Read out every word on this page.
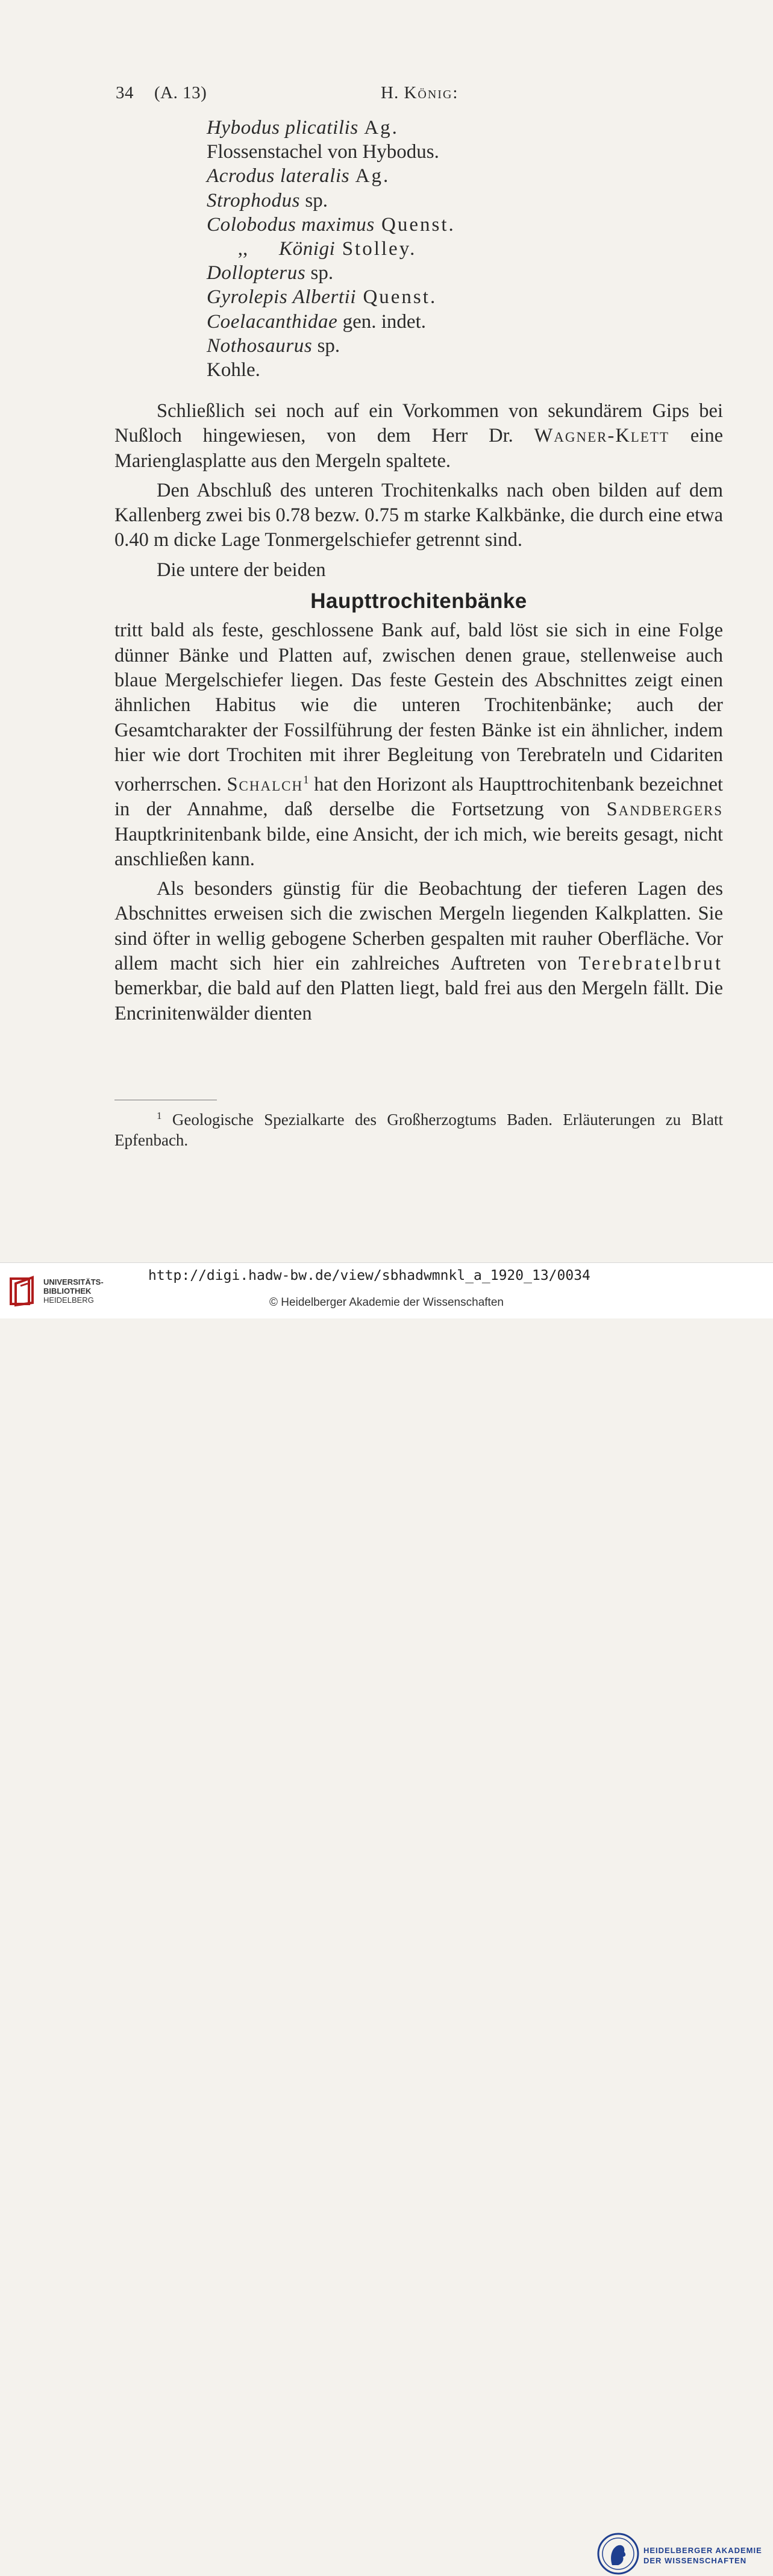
34 (A. 13)	H. König:
Hybodus plicatilis Ag.
Flossenstachel von Hybodus.
Acrodus lateralis Ag.
Strophodus sp.
Colobodus maximus Quenst.
,, Königi Stolley.
Dollopterus sp.
Gyrolepis Albertii Quenst.
Coelacanthidae gen. indet.
Nothosaurus sp.
Kohle.

Schließlich sei noch auf ein Vorkommen von sekundärem Gips bei Nußloch hingewiesen, von dem Herr Dr. Wagner-Klett eine Marienglasplatte aus den Mergeln spaltete.

Den Abschluß des unteren Trochitenkalks nach oben bilden auf dem Kallenberg zwei bis 0.78 bezw. 0.75 m starke Kalkbänke, die durch eine etwa 0.40 m dicke Lage Tonmergelschiefer getrennt sind.

Die untere der beiden

Haupttrochitenbänke

tritt bald als feste, geschlossene Bank auf, bald löst sie sich in eine Folge dünner Bänke und Platten auf, zwischen denen graue, stellenweise auch blaue Mergelschiefer liegen. Das feste Gestein des Abschnittes zeigt einen ähnlichen Habitus wie die unteren Trochitenbänke; auch der Gesamtcharakter der Fossilführung der festen Bänke ist ein ähnlicher, indem hier wie dort Trochiten mit ihrer Begleitung von Terebrateln und Cidariten vorherrschen. Schalch$^1$ hat den Horizont als Haupttrochitenbank bezeichnet in der Annahme, daß derselbe die Fortsetzung von Sandbergers Hauptkrinitenbank bilde, eine Ansicht, der ich mich, wie bereits gesagt, nicht anschließen kann.

Als besonders günstig für die Beobachtung der tieferen Lagen des Abschnittes erweisen sich die zwischen Mergeln liegenden Kalkplatten. Sie sind öfter in wellig gebogene Scherben gespalten mit rauher Oberfläche. Vor allem macht sich hier ein zahlreiches Auftreten von Terebratelbrut bemerkbar, die bald auf den Platten liegt, bald frei aus den Mergeln fällt. Die Encrinitenwälder dienten

$^1$ Geologische Spezialkarte des Großherzogtums Baden. Erläuterungen zu Blatt Epfenbach.
UNIVERSITÄTS-
BIBLIOTHEK
HEIDELBERG
HEIDELBERGER AKADEMIE
DER WISSENSCHAFTEN
http://digi.hadw-bw.de/view/sbhadwmnkl_a_1920_13/0034
© Heidelberger Akademie der Wissenschaften
